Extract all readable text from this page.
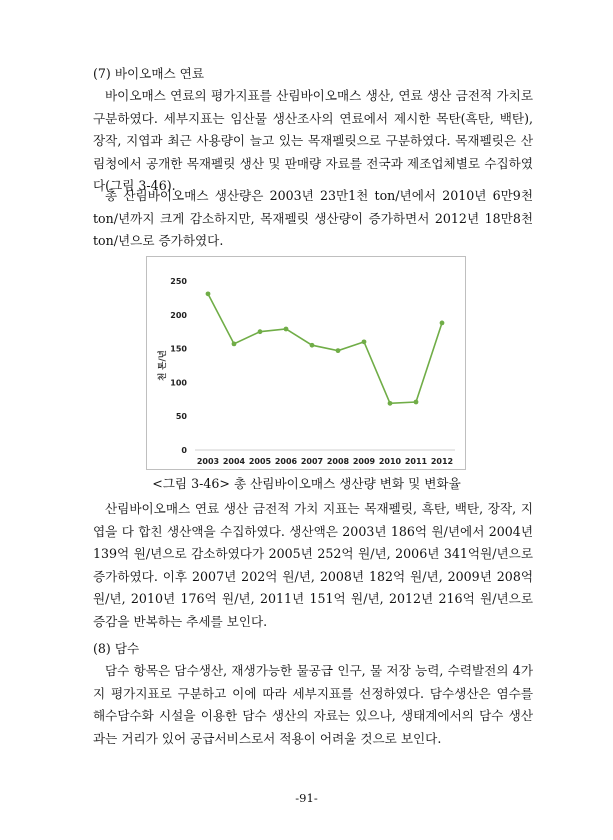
(7) 바이오매스 연료

바이오매스 연료의 평가지표를 산림바이오매스 생산, 연료 생산 금전적 가치로 구분하였다. 세부지표는 임산물 생산조사의 연료에서 제시한 목탄(흑탄, 백탄), 장작, 지엽과 최근 사용량이 늘고 있는 목재펠릿으로 구분하였다. 목재펠릿은 산림청에서 공개한 목재펠릿 생산 및 판매량 자료를 전국과 제조업체별로 수집하였다(그림 3-46).

총 산림바이오매스 생산량은 2003년 23만1천 ton/년에서 2010년 6만9천 ton/년까지 크게 감소하지만, 목재펠릿 생산량이 증가하면서 2012년 18만8천 ton/년으로 증가하였다.

천 톤/년
0
50
100
150
200
250
2003 2004 2005 2006 2007 2008 2009 2010 2011 2012
<그림 3-46> 총 산림바이오매스 생산량 변화 및 변화율

산림바이오매스 연료 생산 금전적 가치 지표는 목재펠릿, 흑탄, 백탄, 장작, 지엽을 다 합친 생산액을 수집하였다. 생산액은 2003년 186억 원/년에서 2004년 139억 원/년으로 감소하였다가 2005년 252억 원/년, 2006년 341억원/년으로 증가하였다. 이후 2007년 202억 원/년, 2008년 182억 원/년, 2009년 208억 원/년, 2010년 176억 원/년, 2011년 151억 원/년, 2012년 216억 원/년으로 증감을 반복하는 추세를 보인다.

(8) 담수

담수 항목은 담수생산, 재생가능한 물공급 인구, 물 저장 능력, 수력발전의 4가지 평가지표로 구분하고 이에 따라 세부지표를 선정하였다. 담수생산은 염수를 해수담수화 시설을 이용한 담수 생산의 자료는 있으나, 생태계에서의 담수 생산과는 거리가 있어 공급서비스로서 적용이 어려울 것으로 보인다.

-91-
